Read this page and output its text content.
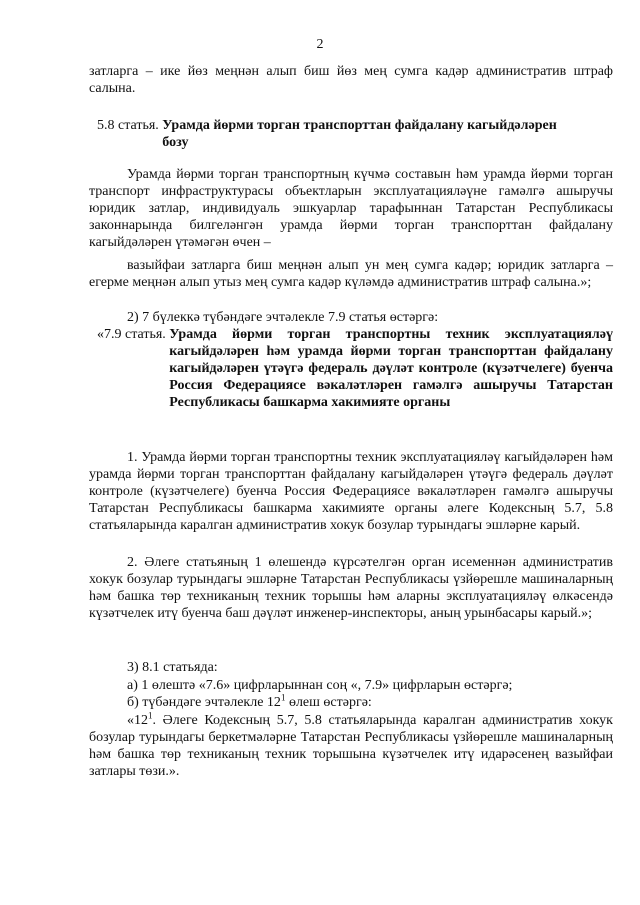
2

затларга – ике йөз меңнән алып биш йөз мең сумга кадәр административ штраф салына.

5.8 статья. Урамда йөрми торган транспорттан файдалану кагыйдәләрен бозу

Урамда йөрми торган транспортның күчмә составын һәм урамда йөрми торган транспорт инфраструктурасы объектларын эксплуатацияләүне гамәлгә ашыручы юридик затлар, индивидуаль эшкуарлар тарафыннан Татарстан Республикасы законнарында билгеләнгән урамда йөрми торган транспорттан файдалану кагыйдәләрен үтәмәгән өчен –

вазыйфаи затларга биш меңнән алып ун мең сумга кадәр; юридик затларга – егерме меңнән алып утыз мең сумга кадәр күләмдә административ штраф салына.»;

2) 7 бүлеккә түбәндәге эчтәлекле 7.9 статья өстәргә:

«7.9 статья. Урамда йөрми торган транспортны техник эксплуатацияләү кагыйдәләрен һәм урамда йөрми торган транспорттан файдалану кагыйдәләрен үтәүгә федераль дәүләт контроле (күзәтчелеге) буенча Россия Федерациясе вәкаләтләрен гамәлгә ашыручы Татарстан Республикасы башкарма хакимияте органы

1. Урамда йөрми торган транспортны техник эксплуатацияләү кагыйдәләрен һәм урамда йөрми торган транспорттан файдалану кагыйдәләрен үтәүгә федераль дәүләт контроле (күзәтчелеге) буенча Россия Федерациясе вәкаләтләрен гамәлгә ашыручы Татарстан Республикасы башкарма хакимияте органы әлеге Кодексның 5.7, 5.8 статьяларында каралган административ хокук бозулар турындагы эшләрне карый.

2. Әлеге статьяның 1 өлешендә күрсәтелгән орган исеменнән административ хокук бозулар турындагы эшләрне Татарстан Республикасы үзйөрешле машиналарның һәм башка төр техниканың техник торышы һәм аларны эксплуатацияләү өлкәсендә күзәтчелек итү буенча баш дәүләт инженер-инспекторы, аның урынбасары карый.»;

3) 8.1 статьяда:

а) 1 өлештә «7.6» цифрларыннан соң «, 7.9» цифрларын өстәргә;

б) түбәндәге эчтәлекле $12^1$ өлеш өстәргә:

«$12^1$. Әлеге Кодексның 5.7, 5.8 статьяларында каралган административ хокук бозулар турындагы беркетмәләрне Татарстан Республикасы үзйөрешле машиналарның һәм башка төр техниканың техник торышына күзәтчелек итү идарәсенең вазыйфаи затлары төзи.».
